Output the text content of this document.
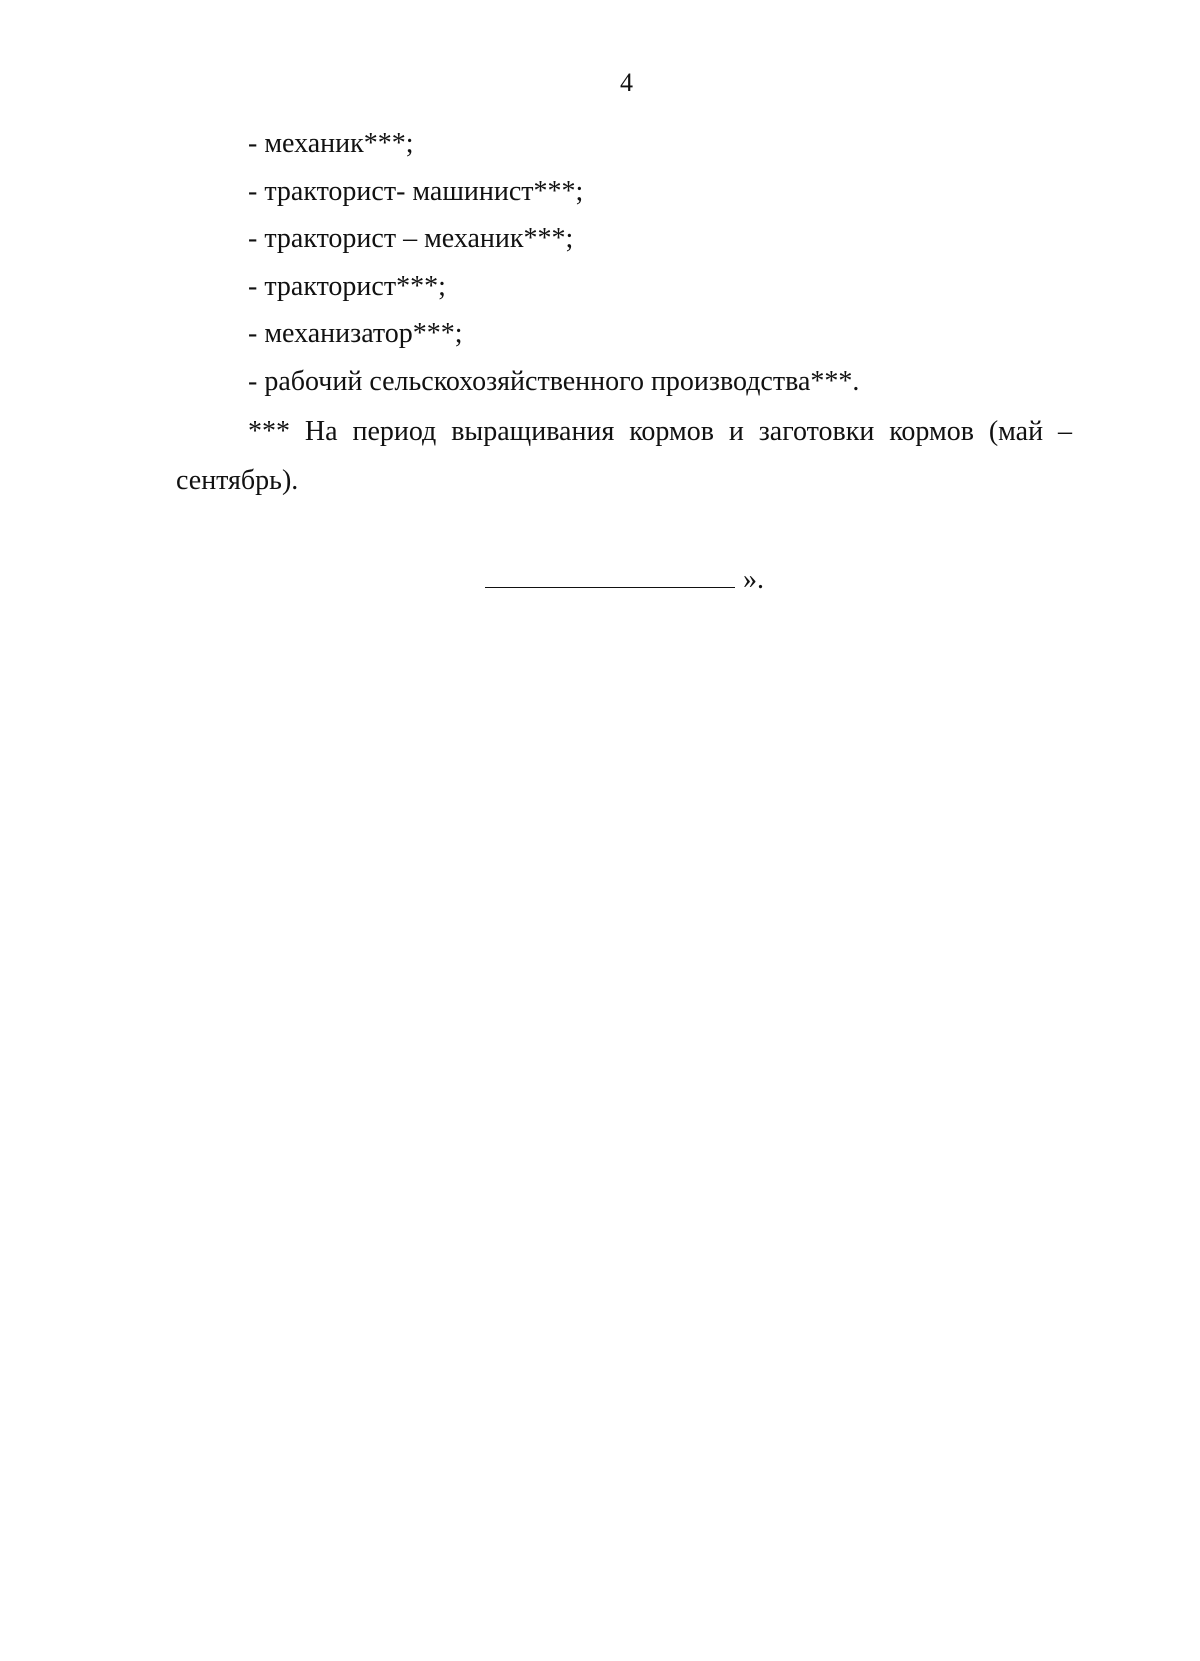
4
- механик***;
- тракторист- машинист***;
- тракторист – механик***;
- тракторист***;
- механизатор***;
- рабочий сельскохозяйственного производства***.

*** На период выращивания кормов и заготовки кормов (май – сентябрь).

».
